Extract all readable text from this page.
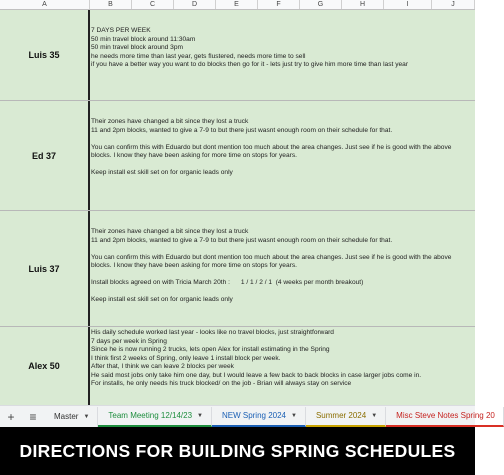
A	B	C	D	E	F	G	H	I	J
Luis 35

7 DAYS PER WEEK
50 min travel block around 11:30am
50 min travel block around 3pm
he needs more time than last year, gets flustered, needs more time to sell
if you have a better way you want to do blocks then go for it - lets just try to give him more time than last year
Ed 37

Their zones have changed a bit since they lost a truck
11 and 2pm blocks, wanted to give a 7-9 to but there just wasnt enough room on their schedule for that.

You can confirm this with Eduardo but dont mention too much about the area changes. Just see if he is good with the above blocks. I know they have been asking for more time on stops for years.

Keep install est skill set on for organic leads only
Luis 37

Their zones have changed a bit since they lost a truck
11 and 2pm blocks, wanted to give a 7-9 to but there just wasnt enough room on their schedule for that.

You can confirm this with Eduardo but dont mention too much about the area changes. Just see if he is good with the above blocks. I know they have been asking for more time on stops for years.

Install blocks agreed on with Tricia March 20th :      1 / 1 / 2 / 1  (4 weeks per month breakout)

Keep install est skill set on for organic leads only
Alex 50
His daily schedule worked last year - looks like no travel blocks, just straightforward
7 days per week in Spring
Since he is now running 2 trucks, lets open Alex for install estimating in the Spring
I think first 2 weeks of Spring, only leave 1 install block per week.
After that, I think we can leave 2 blocks per week
He said most jobs only take him one day, but I would leave a few back to back blocks in case larger jobs come in.
For installs, he only needs his truck blocked/ on the job - Brian will always stay on service
+	≡	Master ▼ Team Meeting 12/14/23 ▼ NEW Spring 2024 ▼ Summer 2024 ▼ Misc Steve Notes Spring 20
DIRECTIONS FOR BUILDING SPRING SCHEDULES
